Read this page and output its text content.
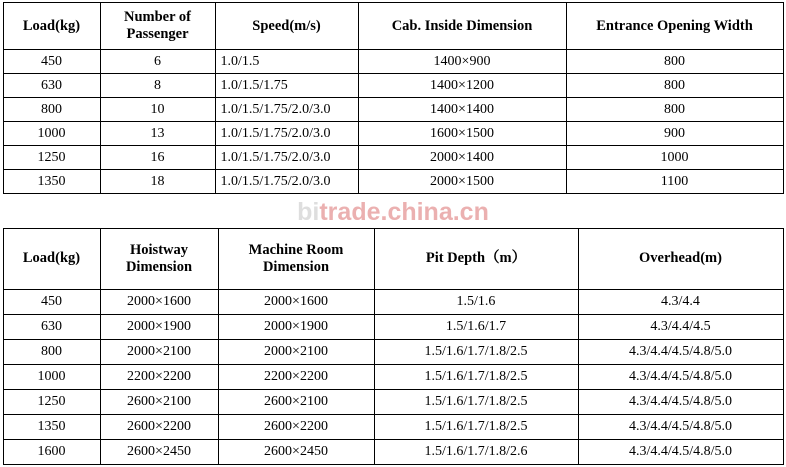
Load(kg)	Number of Passenger	Speed(m/s)	Cab. Inside Dimension	Entrance Opening Width
450	6	1.0/1.5	1400×900	800
630	8	1.0/1.5/1.75	1400×1200	800
800	10	1.0/1.5/1.75/2.0/3.0	1400×1400	800
1000	13	1.0/1.5/1.75/2.0/3.0	1600×1500	900
1250	16	1.0/1.5/1.75/2.0/3.0	2000×1400	1000
1350	18	1.0/1.5/1.75/2.0/3.0	2000×1500	1100
Load(kg)	Hoistway Dimension	Machine Room Dimension	Pit Depth（m）	Overhead(m)
450	2000×1600	2000×1600	1.5/1.6	4.3/4.4
630	2000×1900	2000×1900	1.5/1.6/1.7	4.3/4.4/4.5
800	2000×2100	2000×2100	1.5/1.6/1.7/1.8/2.5	4.3/4.4/4.5/4.8/5.0
1000	2200×2200	2200×2200	1.5/1.6/1.7/1.8/2.5	4.3/4.4/4.5/4.8/5.0
1250	2600×2100	2600×2100	1.5/1.6/1.7/1.8/2.5	4.3/4.4/4.5/4.8/5.0
1350	2600×2200	2600×2200	1.5/1.6/1.7/1.8/2.5	4.3/4.4/4.5/4.8/5.0
1600	2600×2450	2600×2450	1.5/1.6/1.7/1.8/2.6	4.3/4.4/4.5/4.8/5.0
bitrade.china.cn
